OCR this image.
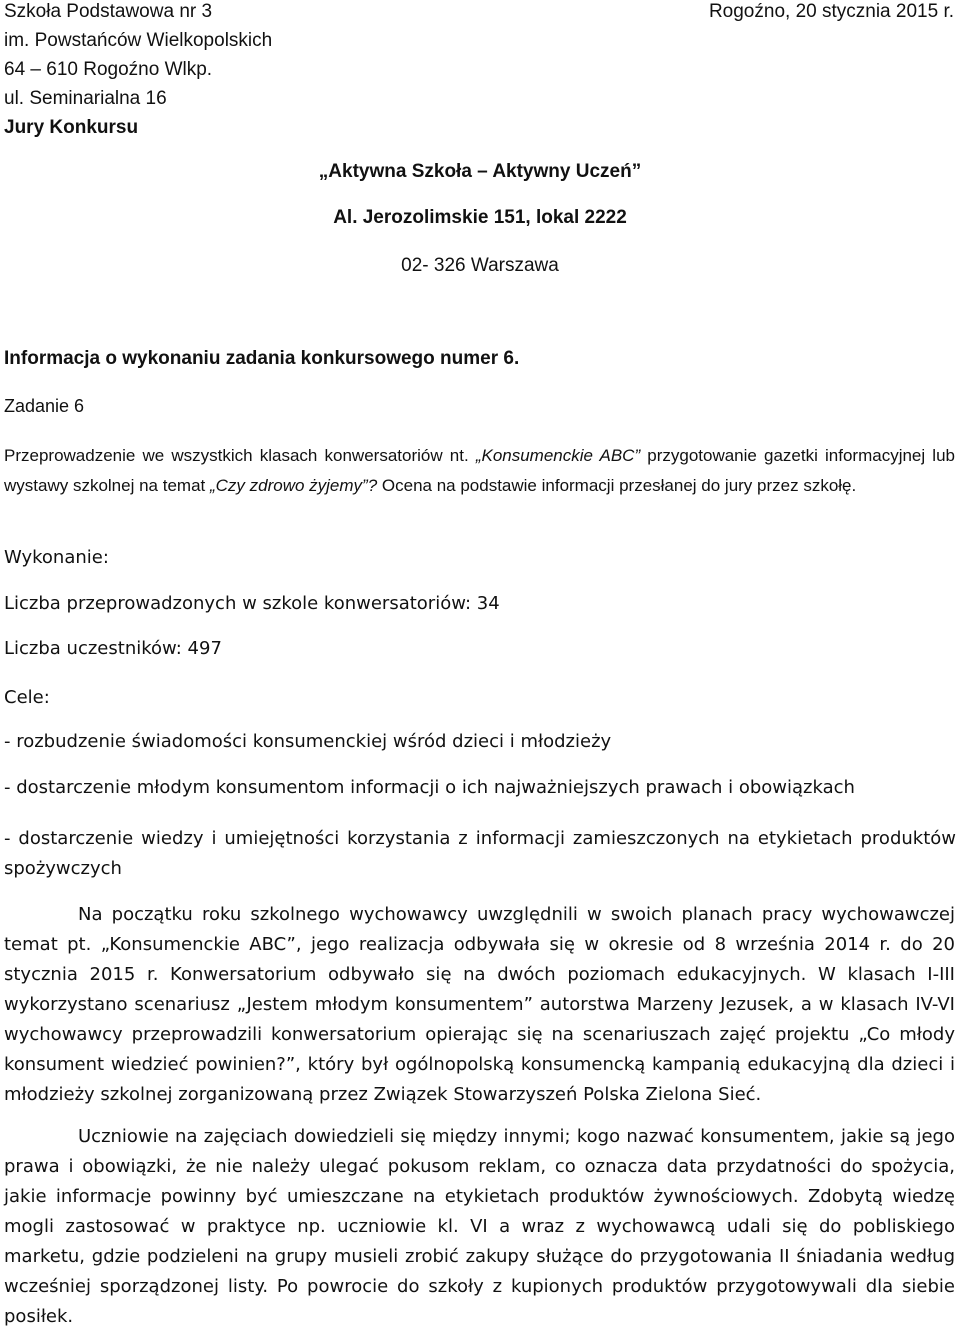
Szkoła Podstawowa nr 3
im. Powstańców Wielkopolskich
64 – 610 Rogoźno Wlkp.
ul. Seminarialna 16
Jury Konkursu
Rogoźno, 20 stycznia 2015 r.
„Aktywna Szkoła – Aktywny Uczeń”
Al. Jerozolimskie 151, lokal 2222
02- 326 Warszawa
Informacja o wykonaniu zadania konkursowego numer 6.
Zadanie 6
Przeprowadzenie we wszystkich klasach konwersatoriów nt. „Konsumenckie ABC” przygotowanie gazetki informacyjnej lub wystawy szkolnej na temat „Czy zdrowo żyjemy”? Ocena na podstawie informacji przesłanej do jury przez szkołę.
Wykonanie:
Liczba przeprowadzonych w szkole konwersatoriów: 34
Liczba uczestników: 497
Cele:
- rozbudzenie świadomości konsumenckiej wśród dzieci i młodzieży
- dostarczenie młodym konsumentom informacji o ich najważniejszych prawach i obowiązkach
- dostarczenie wiedzy i umiejętności korzystania z informacji zamieszczonych na etykietach produktów spożywczych
Na początku roku szkolnego wychowawcy uwzględnili w swoich planach pracy wychowawczej temat pt. „Konsumenckie ABC”, jego realizacja odbywała się w okresie od 8 września 2014 r. do 20 stycznia 2015 r. Konwersatorium odbywało się na dwóch poziomach edukacyjnych. W klasach I-III wykorzystano scenariusz „Jestem młodym konsumentem” autorstwa Marzeny Jezusek, a w klasach IV-VI wychowawcy przeprowadzili konwersatorium opierając się na scenariuszach zajęć projektu „Co młody konsument wiedzieć powinien?”, który był ogólnopolską konsumencką kampanią edukacyjną dla dzieci i młodzieży szkolnej zorganizowaną przez Związek Stowarzyszeń Polska Zielona Sieć.
Uczniowie na zajęciach dowiedzieli się między innymi; kogo nazwać konsumentem, jakie są jego prawa i obowiązki, że nie należy ulegać pokusom reklam, co oznacza data przydatności do spożycia, jakie informacje powinny być umieszczane na etykietach produktów żywnościowych. Zdobytą wiedzę mogli zastosować w praktyce np. uczniowie kl. VI a wraz z wychowawcą udali się do pobliskiego marketu, gdzie podzieleni na grupy musieli zrobić zakupy służące do przygotowania II śniadania według wcześniej sporządzonej listy. Po powrocie do szkoły z kupionych produktów przygotowywali dla siebie posiłek.
